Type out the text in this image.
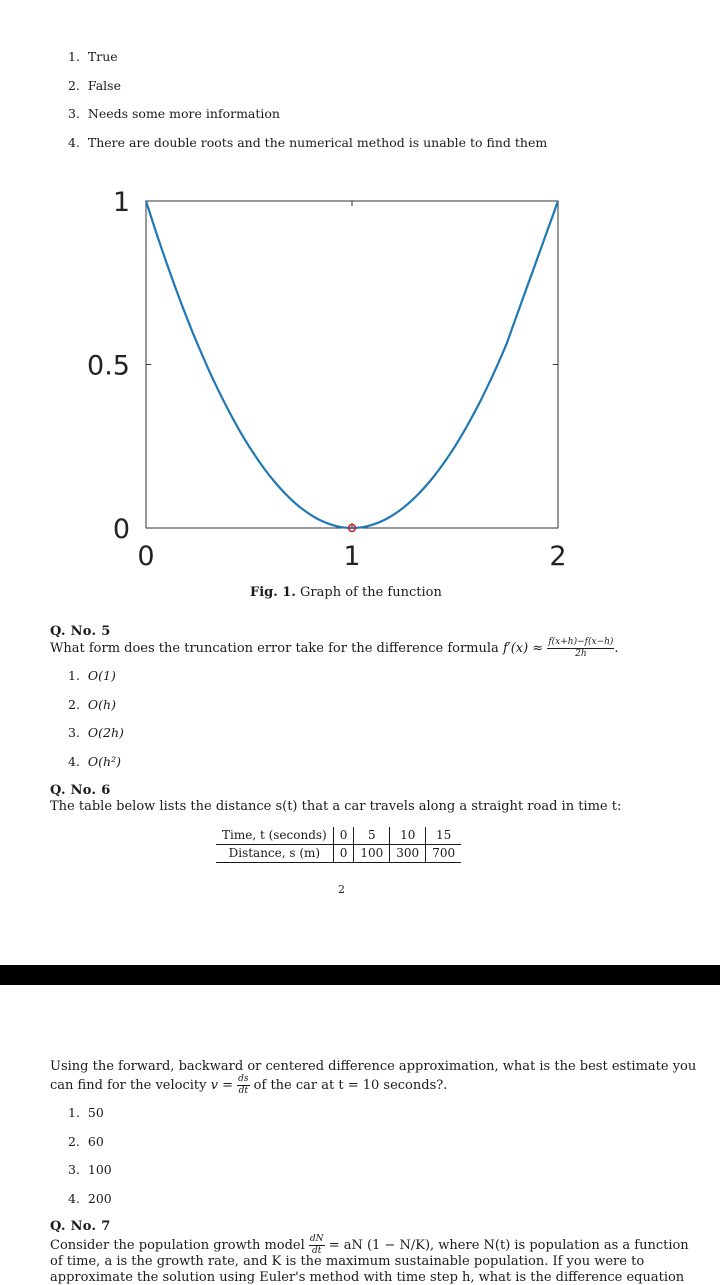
1. True
2. False
3. Needs some more information
4. There are double roots and the numerical method is unable to find them
0	1	2
0
0.5
1
Fig. 1. Graph of the function
Q. No. 5
What form does the truncation error take for the difference formula $f'(x) \approx \frac{f(x+h)-f(x-h)}{2h}$ .
1. O(1)
2. O(h)
3. O(2h)
4. O(h²)
Q. No. 6
The table below lists the distance s(t) that a car travels along a straight road in time t:
Time, t (seconds)	0	5	10	15
Distance, s (m)	0	100	300	700
2
Using the forward, backward or centered difference approximation, what is the best estimate you
can find for the velocity $v = \frac{ds}{dt}$ of the car at t = 10 seconds?.
1. 50
2. 60
3. 100
4. 200
Q. No. 7
Consider the population growth model $\frac{dN}{dt}$ = aN (1 − N/K), where N(t) is population as a function
of time, a is the growth rate, and K is the maximum sustainable population. If you were to
approximate the solution using Euler's method with time step h, what is the difference equation
